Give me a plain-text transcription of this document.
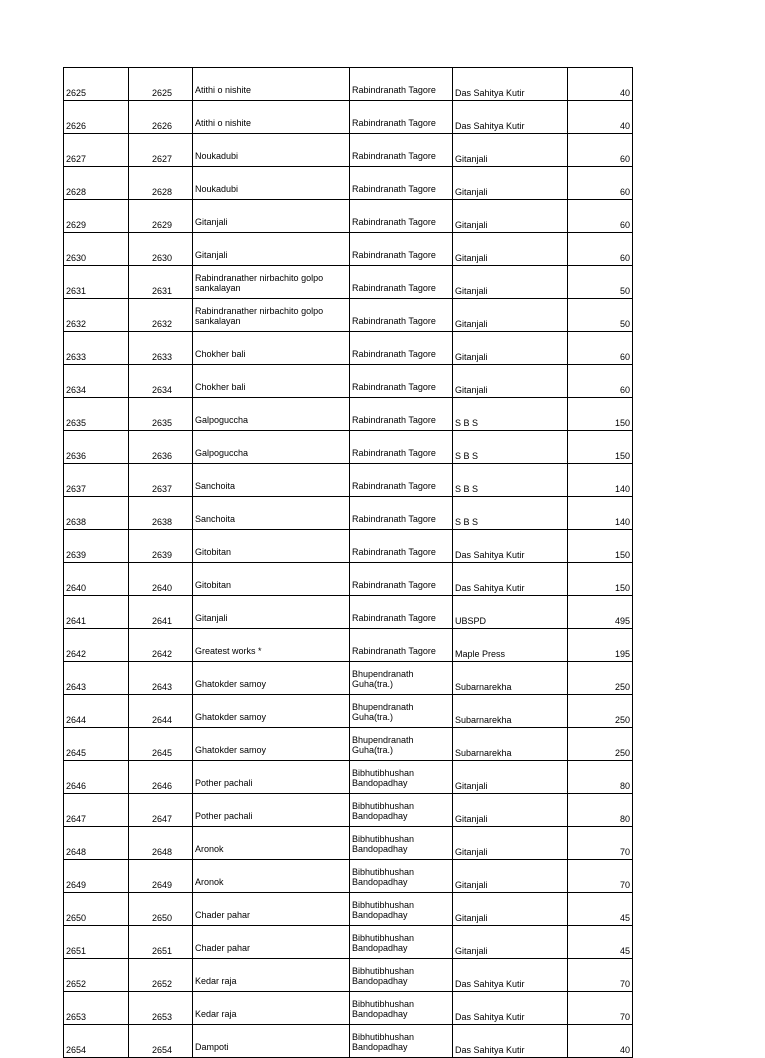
2625	2625	Atithi o nishite	Rabindranath Tagore	Das Sahitya Kutir	40
2626	2626	Atithi o nishite	Rabindranath Tagore	Das Sahitya Kutir	40
2627	2627	Noukadubi	Rabindranath Tagore	Gitanjali	60
2628	2628	Noukadubi	Rabindranath Tagore	Gitanjali	60
2629	2629	Gitanjali	Rabindranath Tagore	Gitanjali	60
2630	2630	Gitanjali	Rabindranath Tagore	Gitanjali	60
2631	2631	Rabindranather nirbachito golpo
sankalayan	Rabindranath Tagore	Gitanjali	50
2632	2632	Rabindranather nirbachito golpo
sankalayan	Rabindranath Tagore	Gitanjali	50
2633	2633	Chokher bali	Rabindranath Tagore	Gitanjali	60
2634	2634	Chokher bali	Rabindranath Tagore	Gitanjali	60
2635	2635	Galpoguccha	Rabindranath Tagore	S B S	150
2636	2636	Galpoguccha	Rabindranath Tagore	S B S	150
2637	2637	Sanchoita	Rabindranath Tagore	S B S	140
2638	2638	Sanchoita	Rabindranath Tagore	S B S	140
2639	2639	Gitobitan	Rabindranath Tagore	Das Sahitya Kutir	150
2640	2640	Gitobitan	Rabindranath Tagore	Das Sahitya Kutir	150
2641	2641	Gitanjali	Rabindranath Tagore	UBSPD	495
2642	2642	Greatest works *	Rabindranath Tagore	Maple Press	195
2643	2643	Ghatokder samoy	Bhupendranath
Guha(tra.)	Subarnarekha	250
2644	2644	Ghatokder samoy	Bhupendranath
Guha(tra.)	Subarnarekha	250
2645	2645	Ghatokder samoy	Bhupendranath
Guha(tra.)	Subarnarekha	250
2646	2646	Pother pachali	Bibhutibhushan
Bandopadhay	Gitanjali	80
2647	2647	Pother pachali	Bibhutibhushan
Bandopadhay	Gitanjali	80
2648	2648	Aronok	Bibhutibhushan
Bandopadhay	Gitanjali	70
2649	2649	Aronok	Bibhutibhushan
Bandopadhay	Gitanjali	70
2650	2650	Chader pahar	Bibhutibhushan
Bandopadhay	Gitanjali	45
2651	2651	Chader pahar	Bibhutibhushan
Bandopadhay	Gitanjali	45
2652	2652	Kedar raja	Bibhutibhushan
Bandopadhay	Das Sahitya Kutir	70
2653	2653	Kedar raja	Bibhutibhushan
Bandopadhay	Das Sahitya Kutir	70
2654	2654	Dampoti	Bibhutibhushan
Bandopadhay	Das Sahitya Kutir	40
